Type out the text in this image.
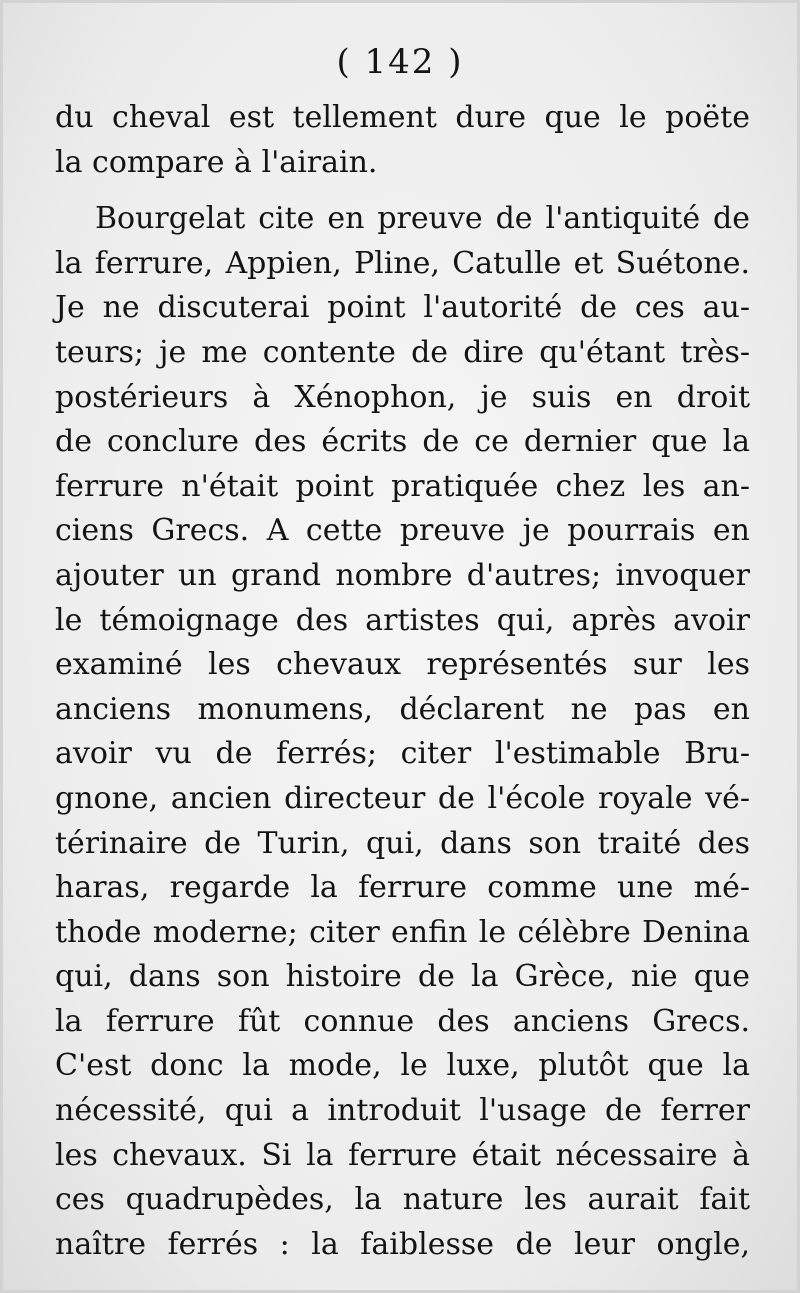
( 142 )
du cheval est tellement dure que le poëte
la compare à l'airain.
Bourgelat cite en preuve de l'antiquité de
la ferrure, Appien, Pline, Catulle et Suétone.
Je ne discuterai point l'autorité de ces au-
teurs; je me contente de dire qu'étant très-
postérieurs à Xénophon, je suis en droit
de conclure des écrits de ce dernier que la
ferrure n'était point pratiquée chez les an-
ciens Grecs. A cette preuve je pourrais en
ajouter un grand nombre d'autres; invoquer
le témoignage des artistes qui, après avoir
examiné les chevaux représentés sur les
anciens monumens, déclarent ne pas en
avoir vu de ferrés; citer l'estimable Bru-
gnone, ancien directeur de l'école royale vé-
térinaire de Turin, qui, dans son traité des
haras, regarde la ferrure comme une mé-
thode moderne; citer enfin le célèbre Denina
qui, dans son histoire de la Grèce, nie que
la ferrure fût connue des anciens Grecs.
C'est donc la mode, le luxe, plutôt que la
nécessité, qui a introduit l'usage de ferrer
les chevaux. Si la ferrure était nécessaire à
ces quadrupèdes, la nature les aurait fait
naître ferrés : la faiblesse de leur ongle,
